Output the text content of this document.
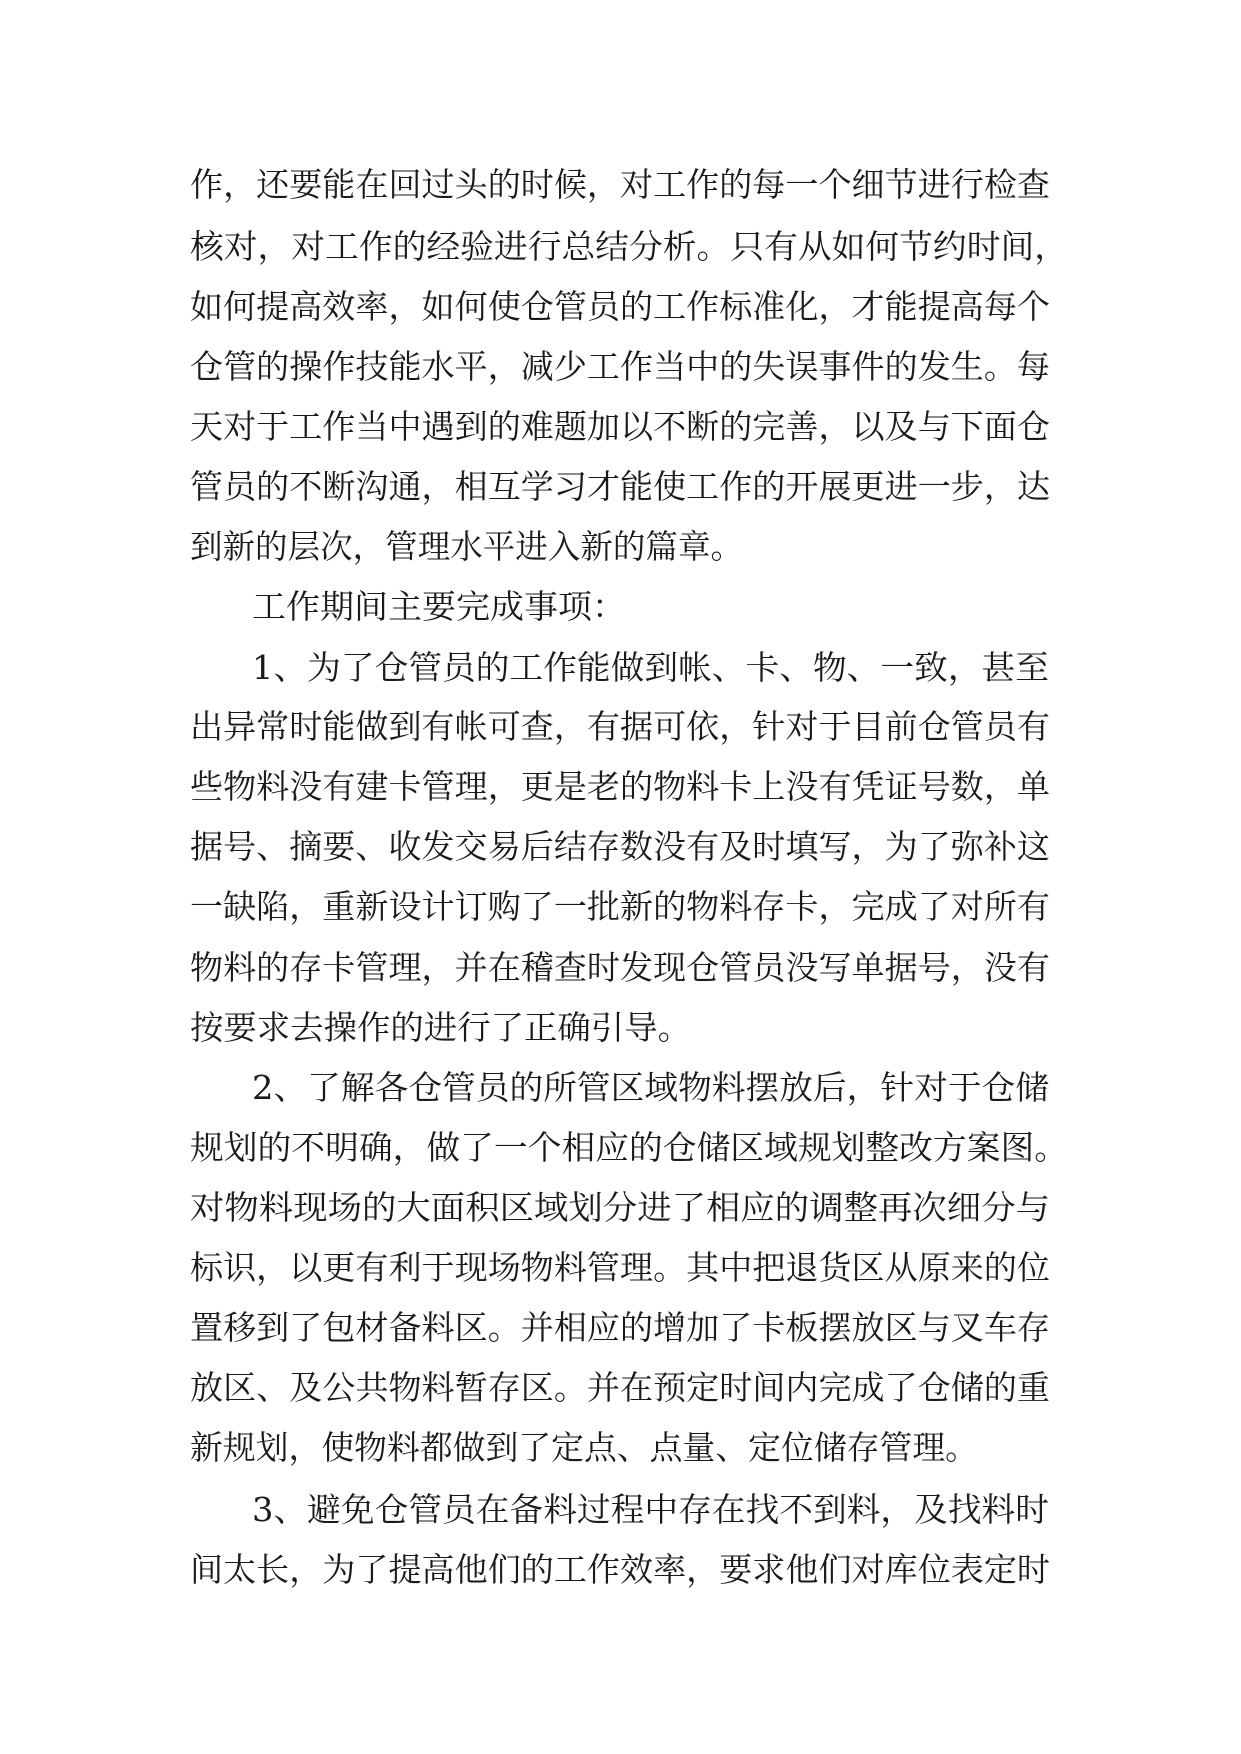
作，还要能在回过头的时候，对工作的每一个细节进行检查
核对，对工作的经验进行总结分析。只有从如何节约时间，
如何提高效率，如何使仓管员的工作标准化，才能提高每个
仓管的操作技能水平，减少工作当中的失误事件的发生。每
天对于工作当中遇到的难题加以不断的完善，以及与下面仓
管员的不断沟通，相互学习才能使工作的开展更进一步，达
到新的层次，管理水平进入新的篇章。
工作期间主要完成事项：
1、为了仓管员的工作能做到帐、卡、物、一致，甚至
出异常时能做到有帐可查，有据可依，针对于目前仓管员有
些物料没有建卡管理，更是老的物料卡上没有凭证号数，单
据号、摘要、收发交易后结存数没有及时填写，为了弥补这
一缺陷，重新设计订购了一批新的物料存卡，完成了对所有
物料的存卡管理，并在稽查时发现仓管员没写单据号，没有
按要求去操作的进行了正确引导。
2、了解各仓管员的所管区域物料摆放后，针对于仓储
规划的不明确，做了一个相应的仓储区域规划整改方案图。
对物料现场的大面积区域划分进了相应的调整再次细分与
标识，以更有利于现场物料管理。其中把退货区从原来的位
置移到了包材备料区。并相应的增加了卡板摆放区与叉车存
放区、及公共物料暂存区。并在预定时间内完成了仓储的重
新规划，使物料都做到了定点、点量、定位储存管理。
3、避免仓管员在备料过程中存在找不到料，及找料时
间太长，为了提高他们的工作效率，要求他们对库位表定时
